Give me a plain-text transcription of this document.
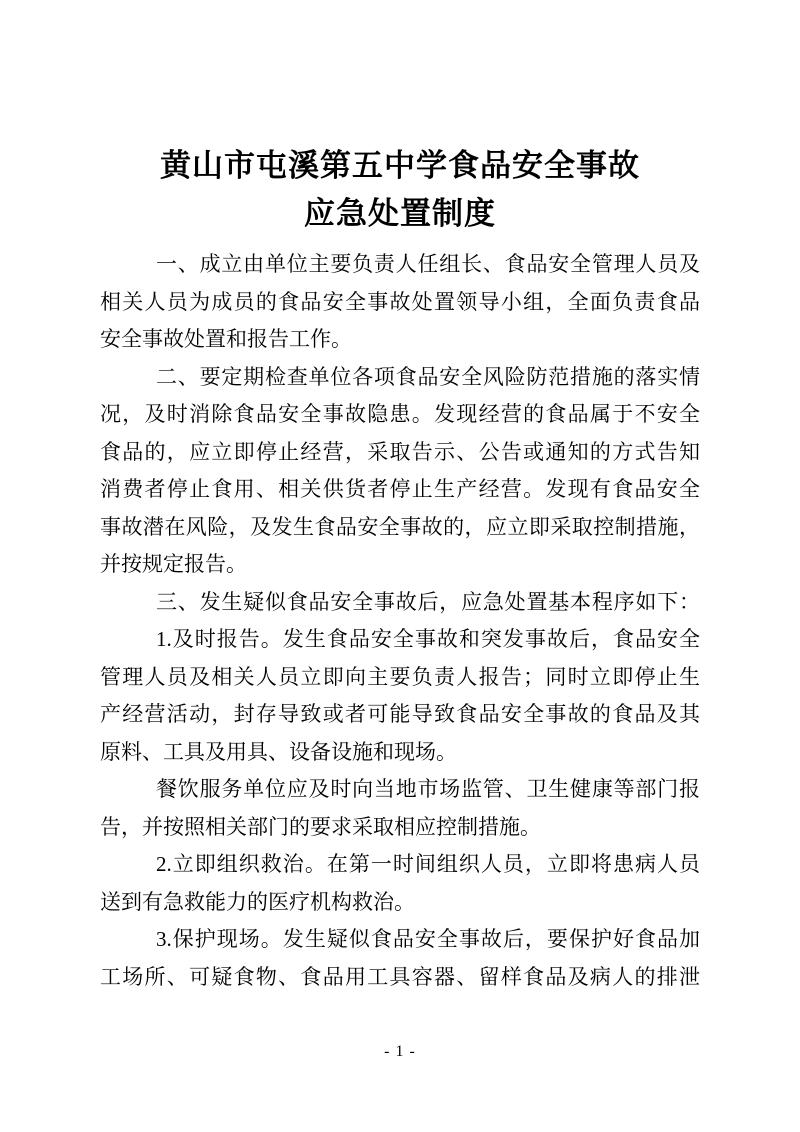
黄山市屯溪第五中学食品安全事故
应急处置制度

一、成立由单位主要负责人任组长、食品安全管理人员及
相关人员为成员的食品安全事故处置领导小组，全面负责食品
安全事故处置和报告工作。

二、要定期检查单位各项食品安全风险防范措施的落实情
况，及时消除食品安全事故隐患。发现经营的食品属于不安全
食品的，应立即停止经营，采取告示、公告或通知的方式告知
消费者停止食用、相关供货者停止生产经营。发现有食品安全
事故潜在风险，及发生食品安全事故的，应立即采取控制措施，
并按规定报告。

三、发生疑似食品安全事故后，应急处置基本程序如下：

1.及时报告。发生食品安全事故和突发事故后，食品安全
管理人员及相关人员立即向主要负责人报告；同时立即停止生
产经营活动，封存导致或者可能导致食品安全事故的食品及其
原料、工具及用具、设备设施和现场。

餐饮服务单位应及时向当地市场监管、卫生健康等部门报
告，并按照相关部门的要求采取相应控制措施。

2.立即组织救治。在第一时间组织人员，立即将患病人员
送到有急救能力的医疗机构救治。

3.保护现场。发生疑似食品安全事故后，要保护好食品加
工场所、可疑食物、食品用工具容器、留样食品及病人的排泄

- 1 -
